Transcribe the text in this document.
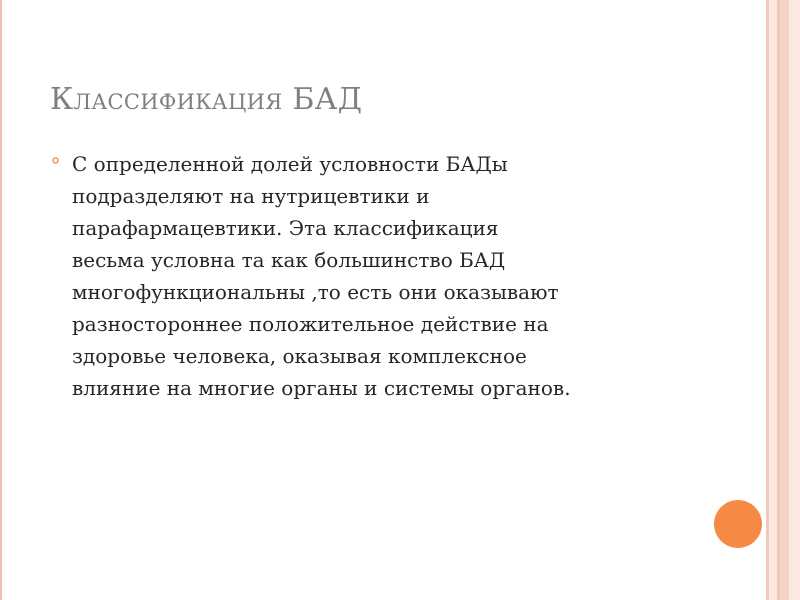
Классификация БАД
С определенной долей условности БАДы
подразделяют на нутрицевтики и
парафармацевтики. Эта классификация
весьма условна та как большинство БАД
многофункциональны ,то есть они оказывают
разностороннее положительное действие на
здоровье человека, оказывая комплексное
влияние на многие органы и системы органов.
